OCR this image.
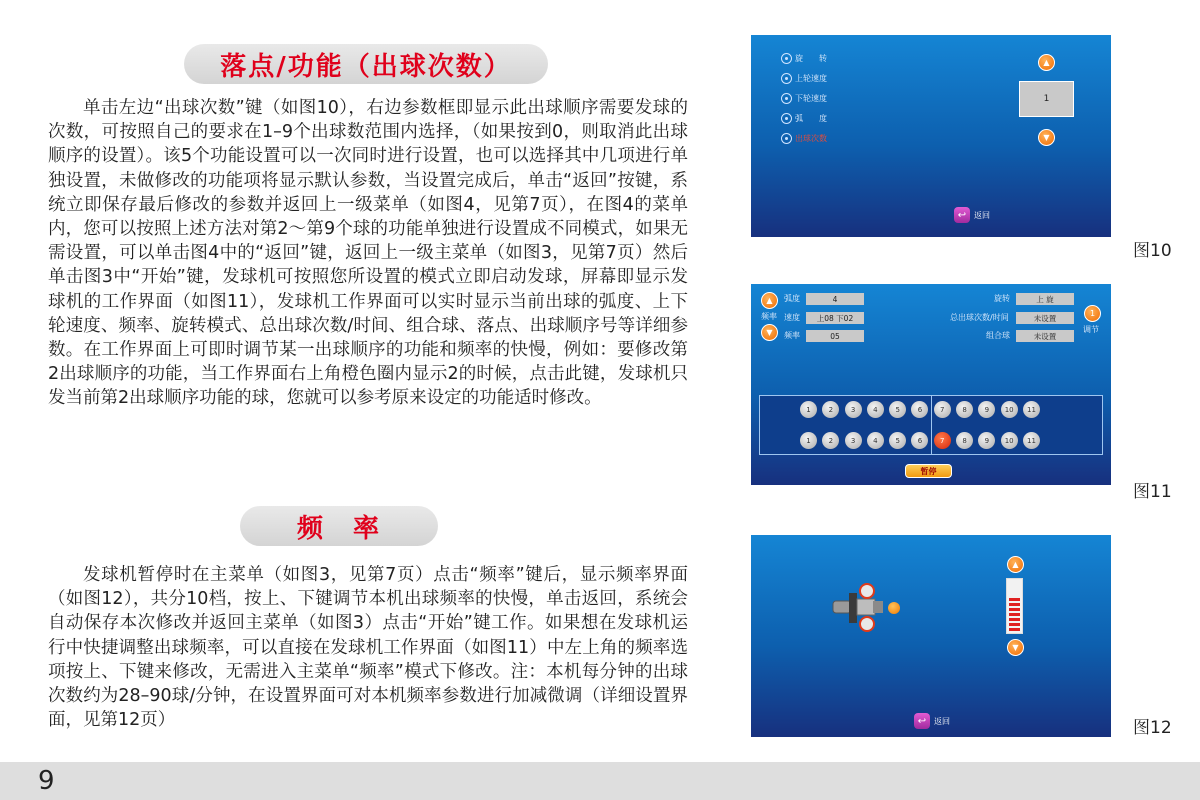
落点/功能（出球次数）

单击左边“出球次数”键（如图10），右边参数框即显示此出球顺序需要发球的次数，可按照自己的要求在1–9个出球数范围内选择，（如果按到0，则取消此出球顺序的设置）。该5个功能设置可以一次同时进行设置，也可以选择其中几项进行单独设置，未做修改的功能项将显示默认参数，当设置完成后，单击“返回”按键，系统立即保存最后修改的参数并返回上一级菜单（如图4，见第7页），在图4的菜单内，您可以按照上述方法对第2～第9个球的功能单独进行设置成不同模式，如果无需设置，可以单击图4中的“返回”键，返回上一级主菜单（如图3，见第7页）然后单击图3中“开始”键，发球机可按照您所设置的模式立即启动发球，屏幕即显示发球机的工作界面（如图11），发球机工作界面可以实时显示当前出球的弧度、上下轮速度、频率、旋转模式、总出球次数/时间、组合球、落点、出球顺序号等详细参数。在工作界面上可即时调节某一出球顺序的功能和频率的快慢，例如：要修改第2出球顺序的功能，当工作界面右上角橙色圈内显示2的时候，点击此键，发球机只发当前第2出球顺序功能的球，您就可以参考原来设定的功能适时修改。

频　率

发球机暂停时在主菜单（如图3，见第7页）点击“频率”键后，显示频率界面（如图12），共分10档，按上、下键调节本机出球频率的快慢，单击返回，系统会自动保存本次修改并返回主菜单（如图3）点击“开始”键工作。如果想在发球机运行中快捷调整出球频率，可以直接在发球机工作界面（如图11）中左上角的频率选项按上、下键来修改，无需进入主菜单“频率”模式下修改。注：本机每分钟的出球次数约为28–90球/分钟，在设置界面可对本机频率参数进行加减微调（详细设置界面，见第12页）

旋　　转
上轮速度
下轮速度
弧　　度
出球次数
▲
1
▼
↩ 返回
图10
▲
频率
▼
弧度	4
速度	上08 下02
频率	05
旋转	上 旋
总出球次数/时间	未设置
组合球	未设置
1
调节
1	2	3	4	5	6	7	8	9	10	11
1	2	3	4	5	6	7	8	9	10	11
暂停
图11
▲
▼
↩ 返回	图12
9
